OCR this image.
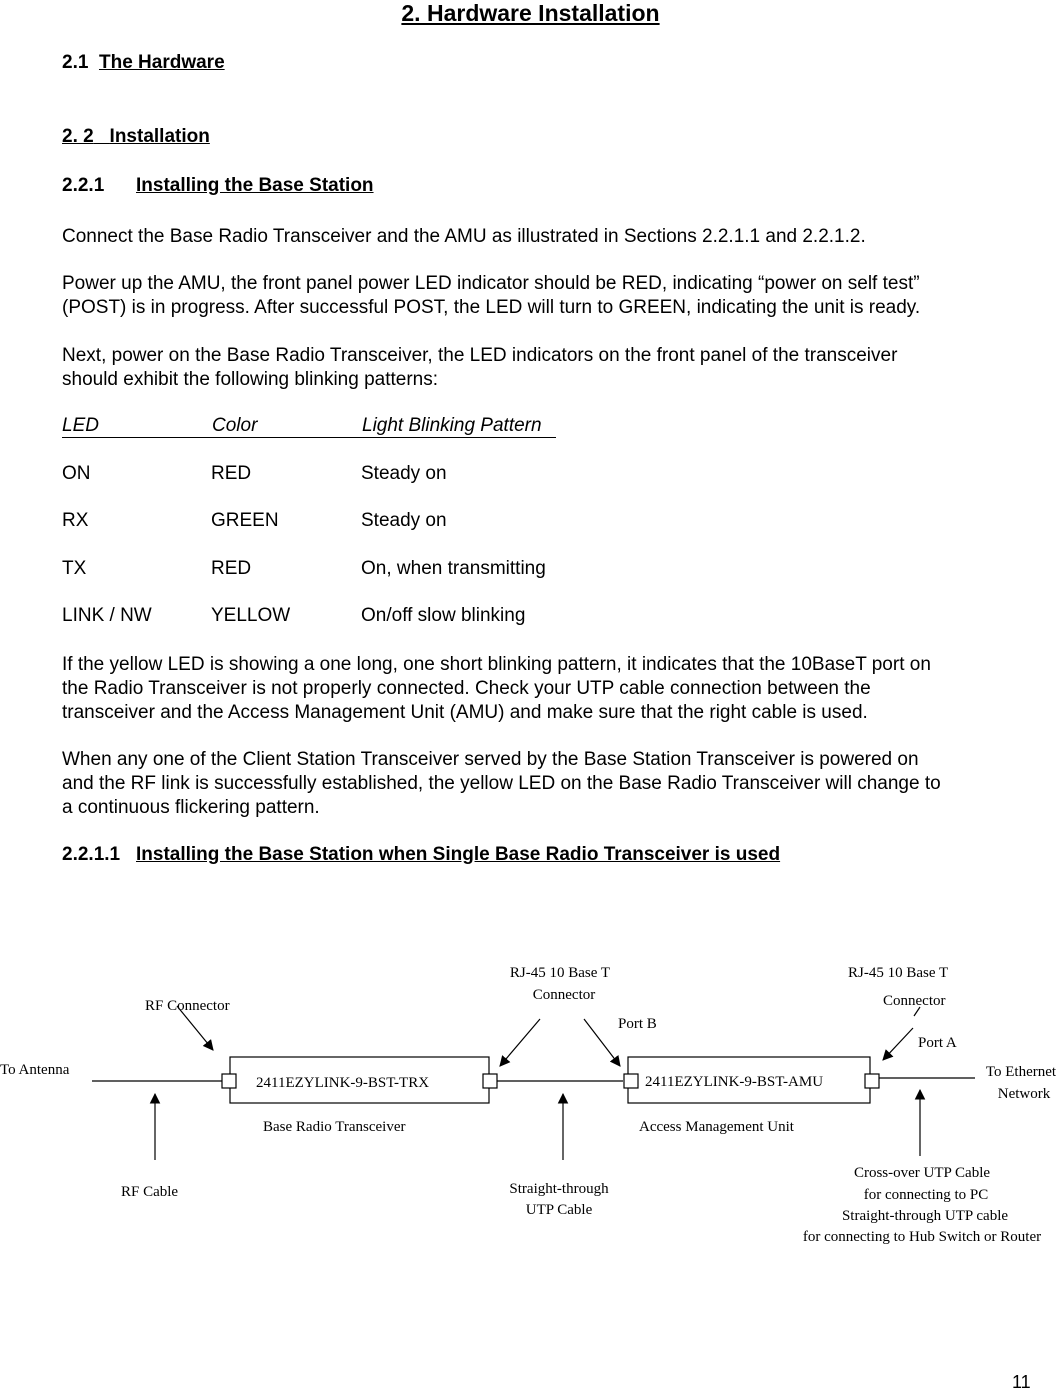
2. Hardware Installation
2.1 The Hardware
2. 2 Installation
2.2.1 Installing the Base Station
Connect the Base Radio Transceiver and the AMU as illustrated in Sections 2.2.1.1 and 2.2.1.2.
Power up the AMU, the front panel power LED indicator should be RED, indicating “power on self test”
(POST) is in progress. After successful POST, the LED will turn to GREEN, indicating the unit is ready.
Next, power on the Base Radio Transceiver, the LED indicators on the front panel of the transceiver
should exhibit the following blinking patterns:
LED	Color	Light Blinking Pattern
ON	RED	Steady on
RX	GREEN	Steady on
TX	RED	On, when transmitting
LINK / NW	YELLOW	On/off slow blinking
If the yellow LED is showing a one long, one short blinking pattern, it indicates that the 10BaseT port on
the Radio Transceiver is not properly connected. Check your UTP cable connection between the
transceiver and the Access Management Unit (AMU) and make sure that the right cable is used.
When any one of the Client Station Transceiver served by the Base Station Transceiver is powered on
and the RF link is successfully established, the yellow LED on the Base Radio Transceiver will change to
a continuous flickering pattern.
2.2.1.1 Installing the Base Station when Single Base Radio Transceiver is used
2411EZYLINK-9-BST-TRX	2411EZYLINK-9-BST-AMU
To Antenna
RF Connector
RF Cable
RJ-45 10 Base T
Connector
Port B
RJ-45 10 Base T
Connector
Port A
To Ethernet
Network
Base Radio Transceiver	Access Management Unit
Straight-through
UTP Cable
Cross-over UTP Cable
for connecting to PC
Straight-through UTP cable
for connecting to Hub Switch or Router
11
